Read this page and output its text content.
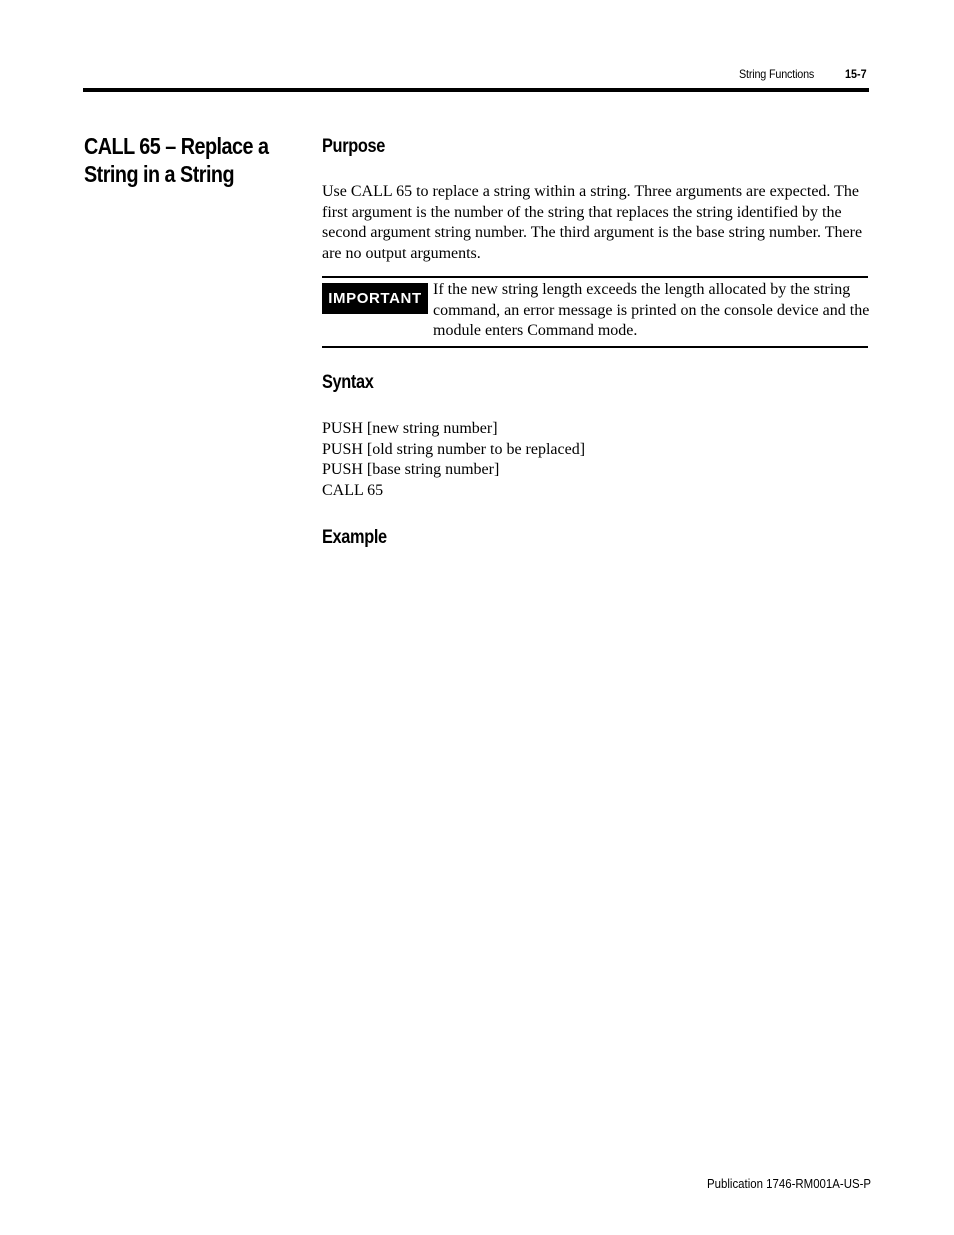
String Functions	15-7
CALL 65 – Replace a String in a String
Purpose

Use CALL 65 to replace a string within a string. Three arguments are expected. The first argument is the number of the string that replaces the string identified by the second argument string number. The third argument is the base string number. There are no output arguments.

IMPORTANT

If the new string length exceeds the length allocated by the string command, an error message is printed on the console device and the module enters Command mode.

Syntax
PUSH [new string number]
PUSH [old string number to be replaced]
PUSH [base string number]
CALL 65
Example
Publication 1746-RM001A-US-P
